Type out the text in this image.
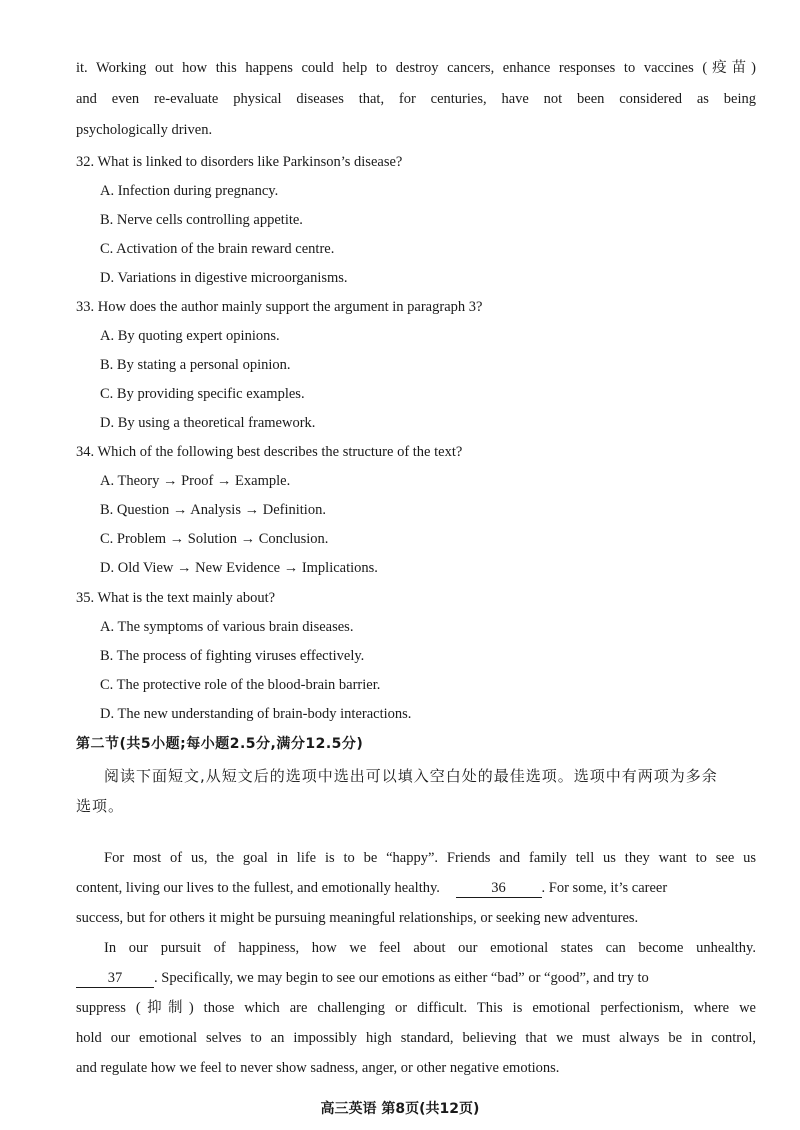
it. Working out how this happens could help to destroy cancers, enhance responses to vaccines (疫苗)
and even re-evaluate physical diseases that, for centuries, have not been considered as being
psychologically driven.
32. What is linked to disorders like Parkinson’s disease?
A. Infection during pregnancy.
B. Nerve cells controlling appetite.
C. Activation of the brain reward centre.
D. Variations in digestive microorganisms.
33. How does the author mainly support the argument in paragraph 3?
A. By quoting expert opinions.
B. By stating a personal opinion.
C. By providing specific examples.
D. By using a theoretical framework.
34. Which of the following best describes the structure of the text?
A. Theory → Proof → Example.
B. Question → Analysis → Definition.
C. Problem → Solution → Conclusion.
D. Old View → New Evidence → Implications.
35. What is the text mainly about?
A. The symptoms of various brain diseases.
B. The process of fighting viruses effectively.
C. The protective role of the blood-brain barrier.
D. The new understanding of brain-body interactions.
第二节(共5小题;每小题2.5分,满分12.5分)
阅读下面短文,从短文后的选项中选出可以填入空白处的最佳选项。选项中有两项为多余
选项。
For most of us, the goal in life is to be “happy”. Friends and family tell us they want to see us
content, living our lives to the fullest, and emotionally healthy.	36 . For some, it’s career
success, but for others it might be pursuing meaningful relationships, or seeking new adventures.
In our pursuit of happiness, how we feel about our emotional states can become unhealthy.
37 . Specifically, we may begin to see our emotions as either “bad” or “good”, and try to
suppress (抑制) those which are challenging or difficult. This is emotional perfectionism, where we
hold our emotional selves to an impossibly high standard, believing that we must always be in control,
and regulate how we feel to never show sadness, anger, or other negative emotions.
高三英语 第8页(共12页)
